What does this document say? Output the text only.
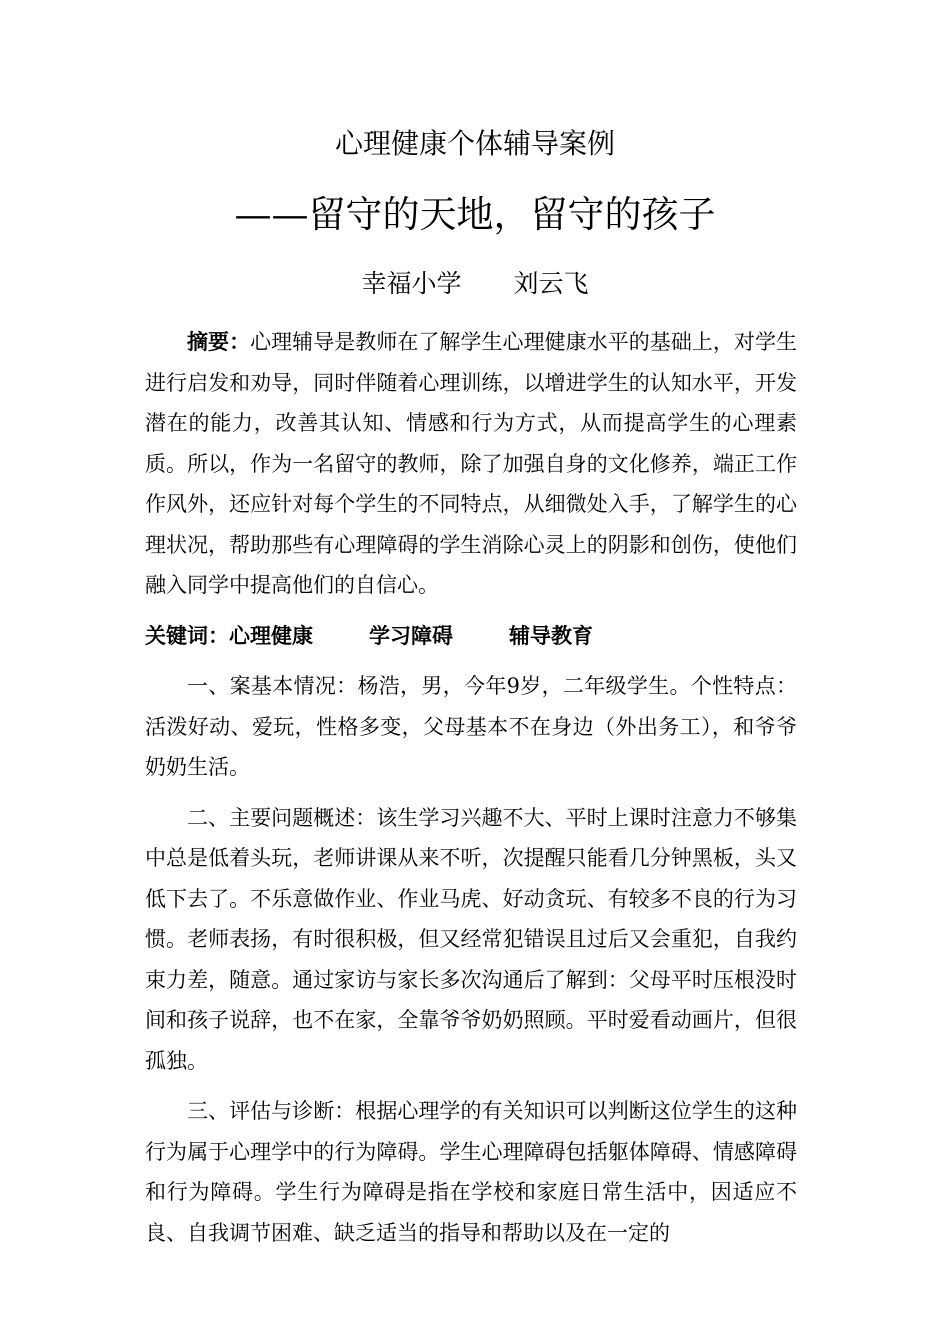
心理健康个体辅导案例
——留守的天地，留守的孩子
幸福小学 刘云飞

摘要：心理辅导是教师在了解学生心理健康水平的基础上，对学生进行启发和劝导，同时伴随着心理训练，以增进学生的认知水平，开发潜在的能力，改善其认知、情感和行为方式，从而提高学生的心理素质。所以，作为一名留守的教师，除了加强自身的文化修养，端正工作作风外，还应针对每个学生的不同特点，从细微处入手，了解学生的心理状况，帮助那些有心理障碍的学生消除心灵上的阴影和创伤，使他们融入同学中提高他们的自信心。

关键词：心理健康	学习障碍	辅导教育

一、案基本情况：杨浩，男，今年9岁，二年级学生。个性特点：活泼好动、爱玩，性格多变，父母基本不在身边（外出务工），和爷爷奶奶生活。

二、主要问题概述：该生学习兴趣不大、平时上课时注意力不够集中总是低着头玩，老师讲课从来不听，次提醒只能看几分钟黑板，头又低下去了。不乐意做作业、作业马虎、好动贪玩、有较多不良的行为习惯。老师表扬，有时很积极，但又经常犯错误且过后又会重犯，自我约束力差，随意。通过家访与家长多次沟通后了解到：父母平时压根没时间和孩子说辞，也不在家，全靠爷爷奶奶照顾。平时爱看动画片，但很孤独。

三、评估与诊断：根据心理学的有关知识可以判断这位学生的这种行为属于心理学中的行为障碍。学生心理障碍包括躯体障碍、情感障碍和行为障碍。学生行为障碍是指在学校和家庭日常生活中，因适应不良、自我调节困难、缺乏适当的指导和帮助以及在一定的
